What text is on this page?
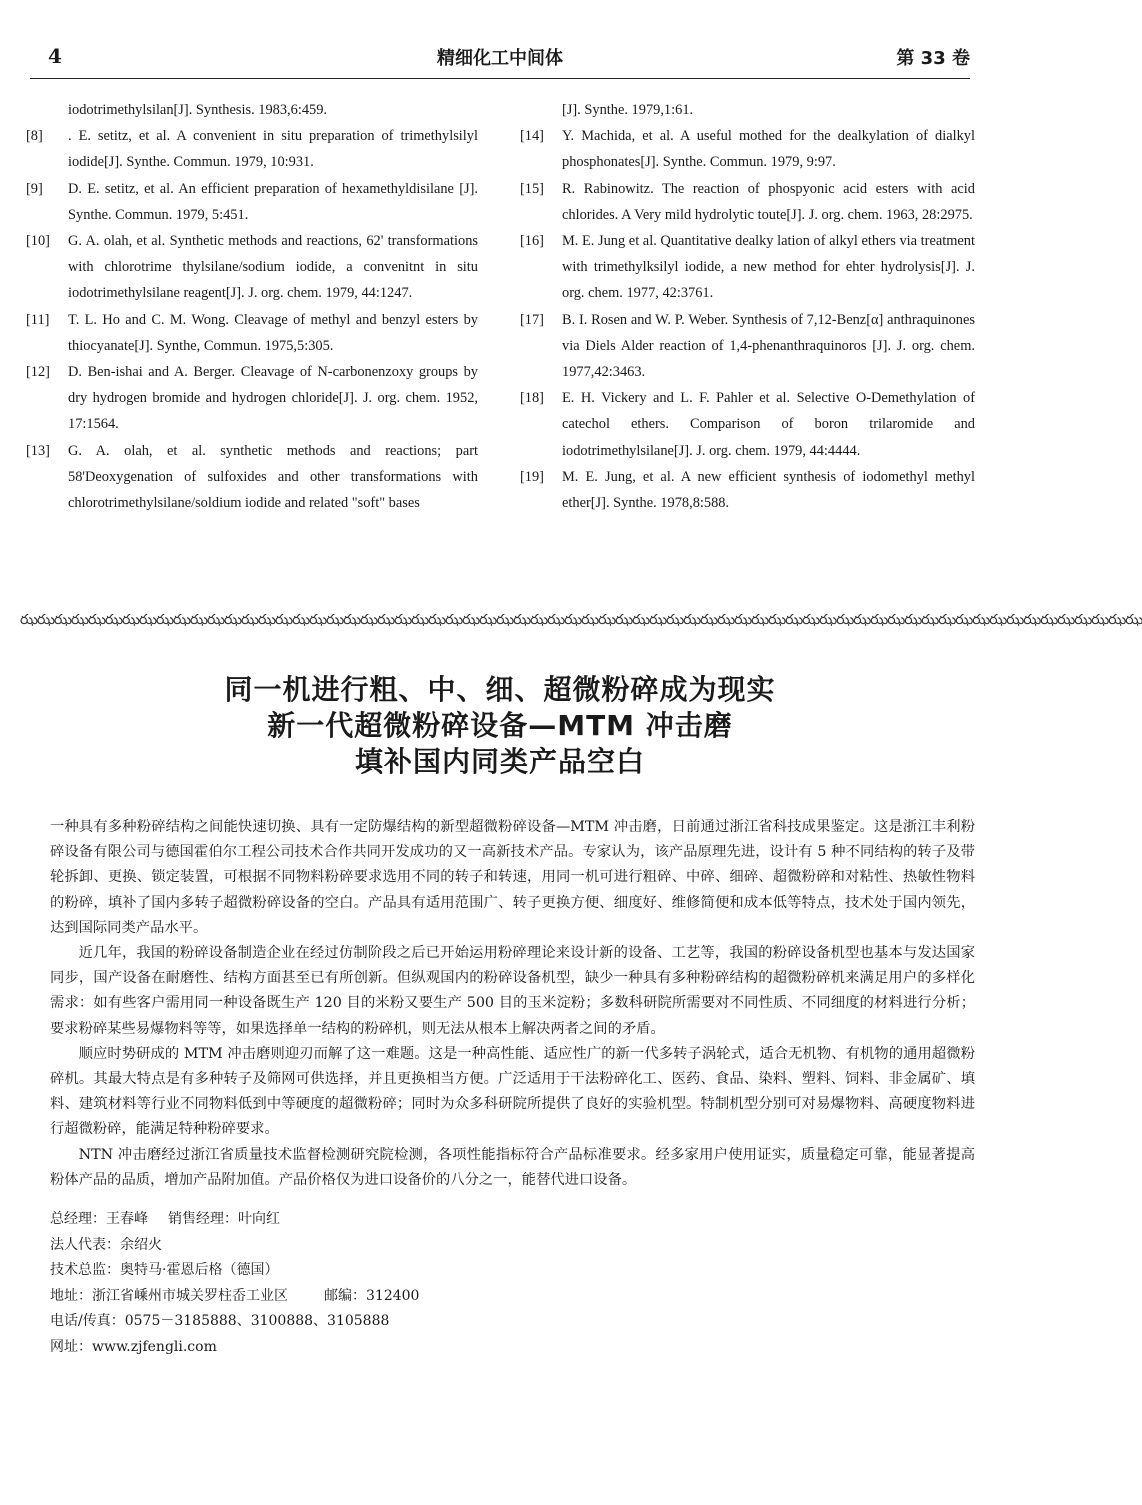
4	精细化工中间体	第 33 卷
iodotrimethylsilan[J]. Synthesis. 1983,6:459.
[8] . E. setitz, et al. A convenient in situ preparation of trimethylsilyl iodide[J]. Synthe. Commun. 1979, 10:931.
[9] D. E. setitz, et al. An efficient preparation of hexamethyldisilane [J]. Synthe. Commun. 1979, 5:451.
[10] G. A. olah, et al. Synthetic methods and reactions, 62' transformations with chlorotrime thylsilane/sodium iodide, a convenitnt in situ iodotrimethylsilane reagent[J]. J. org. chem. 1979, 44:1247.
[11] T. L. Ho and C. M. Wong. Cleavage of methyl and benzyl esters by thiocyanate[J]. Synthe, Commun. 1975,5:305.
[12] D. Ben-ishai and A. Berger. Cleavage of N-carbonenzoxy groups by dry hydrogen bromide and hydrogen chloride[J]. J. org. chem. 1952, 17:1564.
[13] G. A. olah, et al. synthetic methods and reactions; part 58'Deoxygenation of sulfoxides and other transformations with chlorotrimethylsilane/soldium iodide and related "soft" bases
[J]. Synthe. 1979,1:61.
[14] Y. Machida, et al. A useful mothed for the dealkylation of dialkyl phosphonates[J]. Synthe. Commun. 1979, 9:97.
[15] R. Rabinowitz. The reaction of phospyonic acid esters with acid chlorides. A Very mild hydrolytic toute[J]. J. org. chem. 1963, 28:2975.
[16] M. E. Jung et al. Quantitative dealky lation of alkyl ethers via treatment with trimethylksilyl iodide, a new method for ehter hydrolysis[J]. J. org. chem. 1977, 42:3761.
[17] B. I. Rosen and W. P. Weber. Synthesis of 7,12-Benz[α] anthraquinones via Diels Alder reaction of 1,4-phenanthraquinoros [J]. J. org. chem. 1977,42:3463.
[18] E. H. Vickery and L. F. Pahler et al. Selective O-Demethylation of catechol ethers. Comparison of boron trilaromide and iodotrimethylsilane[J]. J. org. chem. 1979, 44:4444.
[19] M. E. Jung, et al. A new efficient synthesis of iodomethyl methyl ether[J]. Synthe. 1978,8:588.
ఝఝఝఝఝఝఝఝఝఝఝఝఝఝఝఝఝఝఝఝఝఝఝఝఝఝఝఝఝఝఝఝఝఝఝఝఝఝఝఝఝఝఝఝఝఝఝఝఝఝఝఝఝఝఝఝఝఝఝఝఝఝఝఝఝఝ
同一机进行粗、中、细、超微粉碎成为现实
新一代超微粉碎设备—MTM 冲击磨
填补国内同类产品空白

一种具有多种粉碎结构之间能快速切换、具有一定防爆结构的新型超微粉碎设备—MTM 冲击磨，日前通过浙江省科技成果鉴定。这是浙江丰利粉碎设备有限公司与德国霍伯尔工程公司技术合作共同开发成功的又一高新技术产品。专家认为，该产品原理先进，设计有 5 种不同结构的转子及带轮拆卸、更换、锁定装置，可根据不同物料粉碎要求选用不同的转子和转速，用同一机可进行粗碎、中碎、细碎、超微粉碎和对粘性、热敏性物料的粉碎，填补了国内多转子超微粉碎设备的空白。产品具有适用范围广、转子更换方便、细度好、维修简便和成本低等特点，技术处于国内领先，达到国际同类产品水平。

近几年，我国的粉碎设备制造企业在经过仿制阶段之后已开始运用粉碎理论来设计新的设备、工艺等，我国的粉碎设备机型也基本与发达国家同步，国产设备在耐磨性、结构方面甚至已有所创新。但纵观国内的粉碎设备机型，缺少一种具有多种粉碎结构的超微粉碎机来满足用户的多样化需求：如有些客户需用同一种设备既生产 120 目的米粉又要生产 500 目的玉米淀粉；多数科研院所需要对不同性质、不同细度的材料进行分析；要求粉碎某些易爆物料等等，如果选择单一结构的粉碎机，则无法从根本上解决两者之间的矛盾。

顺应时势研成的 MTM 冲击磨则迎刃而解了这一难题。这是一种高性能、适应性广的新一代多转子涡轮式，适合无机物、有机物的通用超微粉碎机。其最大特点是有多种转子及筛网可供选择，并且更换相当方便。广泛适用于干法粉碎化工、医药、食品、染料、塑料、饲料、非金属矿、填料、建筑材料等行业不同物料低到中等硬度的超微粉碎；同时为众多科研院所提供了良好的实验机型。特制机型分别可对易爆物料、高硬度物料进行超微粉碎，能满足特种粉碎要求。

NTN 冲击磨经过浙江省质量技术监督检测研究院检测，各项性能指标符合产品标准要求。经多家用户使用证实，质量稳定可靠，能显著提高粉体产品的品质，增加产品附加值。产品价格仅为进口设备价的八分之一，能替代进口设备。

总经理：王春峰 销售经理：叶向红
法人代表：余绍火
技术总监：奥特马·霍恩后格（德国）
地址：浙江省嵊州市城关罗柱岙工业区	邮编：312400
电话/传真：0575－3185888、3100888、3105888
网址：www.zjfengli.com
